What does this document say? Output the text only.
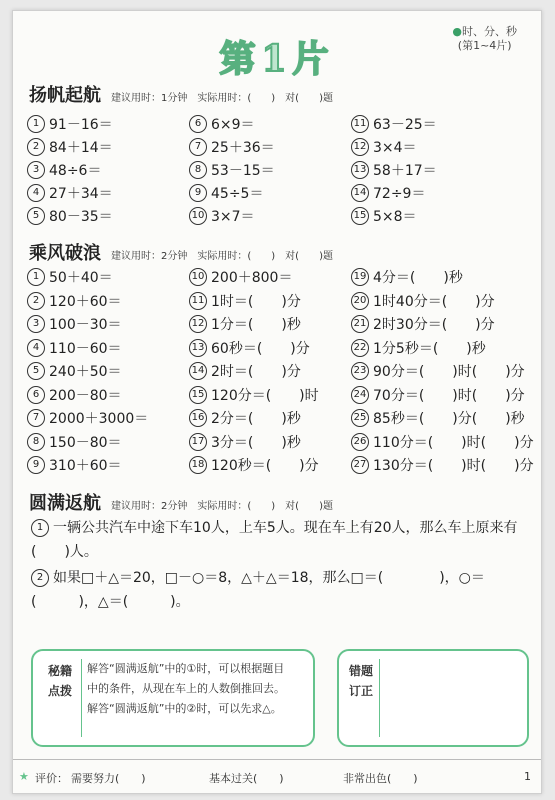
第1片
●时、分、秒
(第1~4片)
扬帆起航 建议用时：1分钟　实际用时：(　　)　对(　　)题
1 91－16＝	6 6×9＝	11 63－25＝
2 84＋14＝	7 25＋36＝	12 3×4＝
3 48÷6＝	8 53－15＝	13 58＋17＝
4 27＋34＝	9 45÷5＝	14 72÷9＝
5 80－35＝	10 3×7＝	15 5×8＝
乘风破浪 建议用时：2分钟　实际用时：(　　)　对(　　)题
1 50＋40＝	10 200＋800＝	19 4分＝(　　)秒
2 120＋60＝	11 1时＝(　　)分	20 1时40分＝(　　)分
3 100－30＝	12 1分＝(　　)秒	21 2时30分＝(　　)分
4 110－60＝	13 60秒＝(　　)分	22 1分5秒＝(　　)秒
5 240＋50＝	14 2时＝(　　)分	23 90分＝(　　)时(　　)分
6 200－80＝	15 120分＝(　　)时	24 70分＝(　　)时(　　)分
7 2000＋3000＝	16 2分＝(　　)秒	25 85秒＝(　　)分(　　)秒
8 150－80＝	17 3分＝(　　)秒	26 110分＝(　　)时(　　)分
9 310＋60＝	18 120秒＝(　　)分	27 130分＝(　　)时(　　)分
圆满返航 建议用时：2分钟　实际用时：(　　)　对(　　)题
1 一辆公共汽车中途下车10人，上车5人。现在车上有20人，那么车上原来有(　　)人。
2 如果□＋△＝20，□－○＝8，△＋△＝18，那么□＝(　　　　)，○＝(　　　)，△＝(　　　)。
秘籍点拨
解答“圆满返航”中的①时，可以根据题目
中的条件，从现在车上的人数倒推回去。
解答“圆满返航”中的②时，可以先求△。
错题订正
★ 评价： 需要努力(　　)	基本过关(　　)	非常出色(　　)	1
